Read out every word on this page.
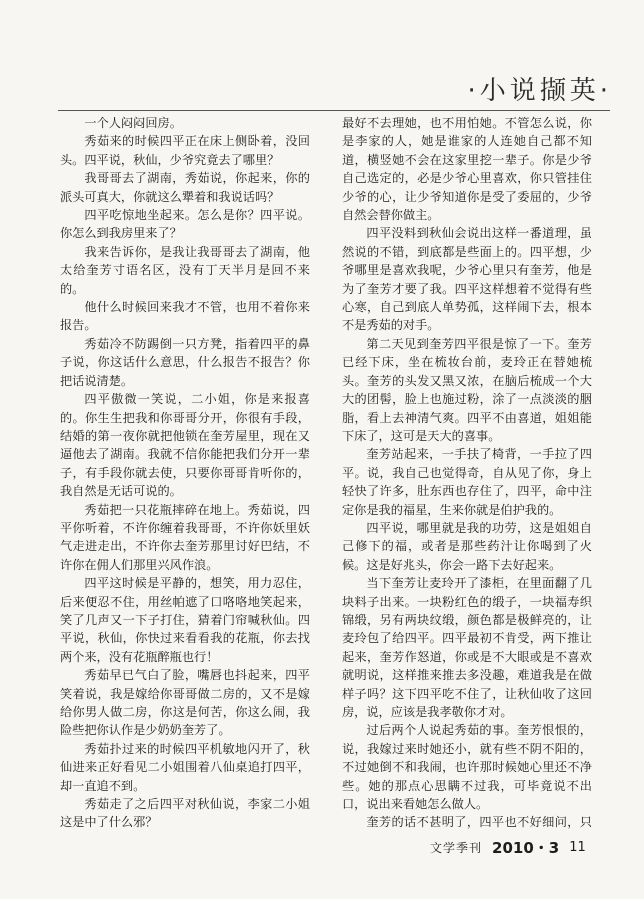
·小说撷英·

一个人闷闷回房。

秀茹来的时候四平正在床上侧卧着，没回头。四平说，秋仙，少爷究竟去了哪里？

我哥哥去了湖南，秀茹说，你起来，你的派头可真大，你就这么犟着和我说话吗？

四平吃惊地坐起来。怎么是你？四平说。你怎么到我房里来了？

我来告诉你，是我让我哥哥去了湖南，他太给奎芳寸语名区，没有丁天半月是回不来的。

他什么时候回来我才不管，也用不着你来报告。

秀茹冷不防踢倒一只方凳，指着四平的鼻子说，你这话什么意思，什么报告不报告？你把话说清楚。

四平傲微一笑说，二小姐，你是来报喜的。你生生把我和你哥哥分开，你很有手段，结婚的第一夜你就把他锁在奎芳屋里，现在又逼他去了湖南。我就不信你能把我们分开一辈子，有手段你就去使，只要你哥哥肯听你的，我自然是无话可说的。

秀茹把一只花瓶摔碎在地上。秀茹说，四平你听着，不许你缠着我哥哥，不许你妖里妖气走进走出，不许你去奎芳那里讨好巴结，不许你在佣人们那里兴风作浪。

四平这时候是平静的，想笑，用力忍住，后来便忍不住，用丝帕遮了口咯咯地笑起来，笑了几声又一下子打住，猜着门帘喊秋仙。四平说，秋仙，你快过来看看我的花瓶，你去找两个来，没有花瓶醉瓶也行！

秀茹早已气白了脸，嘴唇也抖起来，四平笑着说，我是嫁给你哥哥做二房的，又不是嫁给你男人做二房，你这是何苦，你这么闹，我险些把你认作是少奶奶奎芳了。

秀茹扑过来的时候四平机敏地闪开了，秋仙进来正好看见二小姐围着八仙桌追打四平，却一直追不到。

秀茹走了之后四平对秋仙说，李家二小姐这是中了什么邪？

最好不去理她，也不用怕她。不管怎么说，你是李家的人，她是谁家的人连她自己都不知道，横竖她不会在这家里挖一辈子。你是少爷自己选定的，必是少爷心里喜欢，你只管挂住少爷的心，让少爷知道你是受了委屈的，少爷自然会替你做主。

四平没料到秋仙会说出这样一番道理，虽然说的不错，到底都是些面上的。四平想，少爷哪里是喜欢我呢，少爷心里只有奎芳，他是为了奎芳才要了我。四平这样想着不觉得有些心寒，自己到底人单势孤，这样闹下去，根本不是秀茹的对手。

第二天见到奎芳四平很是惊了一下。奎芳已经下床，坐在梳妆台前，麦玲正在替她梳头。奎芳的头发又黑又浓，在脑后梳成一个大大的团髻，脸上也施过粉，涂了一点淡淡的胭脂，看上去神清气爽。四平不由喜道，姐姐能下床了，这可是天大的喜事。

奎芳站起来，一手扶了椅背，一手拉了四平。说，我自己也觉得奇，自从见了你，身上轻快了许多，肚东西也存住了，四平，命中注定你是我的福星，生来你就是伯护我的。

四平说，哪里就是我的功劳，这是姐姐自己修下的福，或者是那些药汁让你喝到了火候。这是好兆头，你会一路下去好起来。

当下奎芳让麦玲开了漆柜，在里面翻了几块料子出来。一块粉红色的缎子，一块福寿织锦缎，另有两块纹缎，颜色都是极鲜亮的，让麦玲包了给四平。四平最初不肯受，两下推让起来，奎芳作怒道，你或是不大眼或是不喜欢就明说，这样推来推去多没趣，难道我是在做样子吗？这下四平吃不住了，让秋仙收了这回房，说，应该是我孝敬你才对。

过后两个人说起秀茹的事。奎芳恨恨的，说，我嫁过来时她还小，就有些不阴不阳的，不过她倒不和我闹，也许那时候她心里还不净些。她的那点心思瞒不过我，可毕竟说不出口，说出来看她怎么做人。

奎芳的话不甚明了，四平也不好细问，只

文学季刊 2010・3 11
